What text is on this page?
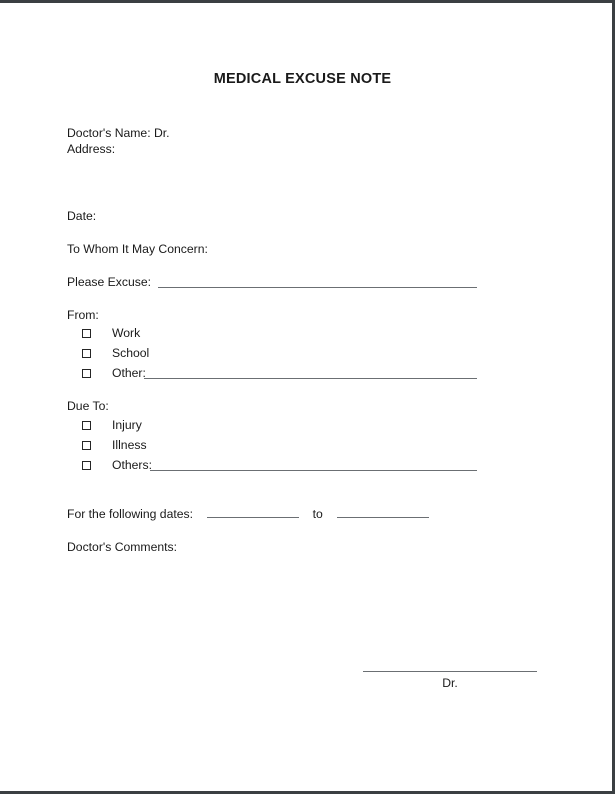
MEDICAL EXCUSE NOTE
Doctor's Name: Dr.
Address:
Date:
To Whom It May Concern:
Please Excuse:
From:
Work
School
Other:
Due To:
Injury
Illness
Others:
For the following dates:	to
Doctor's Comments:
Dr.
